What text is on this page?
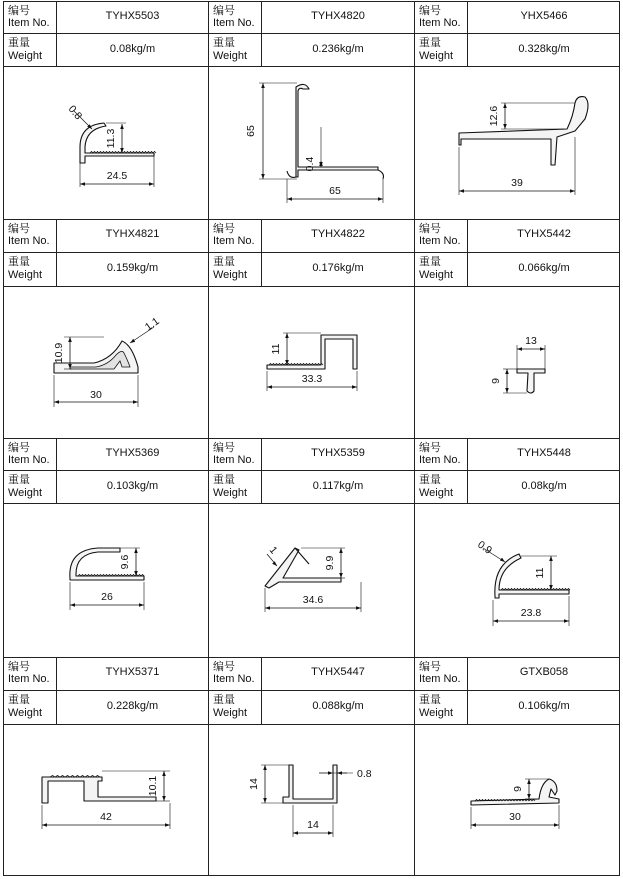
编号
Item No.
重量
Weight
TYHX5503
0.08kg/m
编号
Item No.
重量
Weight
TYHX4820
0.236kg/m
编号
Item No.
重量
Weight
YHX5466
0.328kg/m
编号
Item No.
重量
Weight
TYHX4821
0.159kg/m
编号
Item No.
重量
Weight
TYHX4822
0.176kg/m
编号
Item No.
重量
Weight
TYHX5442
0.066kg/m
编号
Item No.
重量
Weight
TYHX5369
0.103kg/m
编号
Item No.
重量
Weight
TYHX5359
0.117kg/m
编号
Item No.
重量
Weight
TYHX5448
0.08kg/m
编号
Item No.
重量
Weight
TYHX5371
0.228kg/m
编号
Item No.
重量
Weight
TYHX5447
0.088kg/m
编号
Item No.
重量
Weight
GTXB058
0.106kg/m
11.3
0.8
24.5
65
0.4
65
12.6
39
10.9
1.1
30
11
33.3
13
9
9.6
26
1
9.9
34.6
0.9
11
23.8
10.1
42
14
0.8
14
9
30
